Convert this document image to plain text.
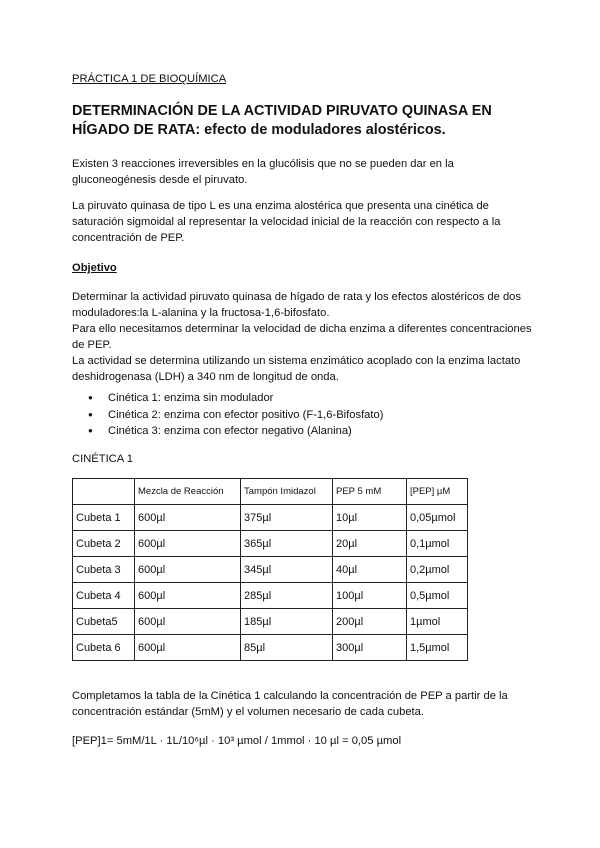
PRÁCTICA 1 DE BIOQUÍMICA
DETERMINACIÓN DE LA ACTIVIDAD PIRUVATO QUINASA EN HÍGADO DE RATA: efecto de moduladores alostéricos.
Existen 3 reacciones irreversibles en la glucólisis que no se pueden dar en la gluconeogénesis desde el piruvato.
La piruvato quinasa de tipo L es una enzima alostérica que presenta una cinética de saturación sigmoidal al representar la velocidad inicial de la reacción con respecto a la concentración de PEP.
Objetivo
Determinar la actividad piruvato quinasa de hígado de rata y los efectos alostéricos de dos moduladores:la L-alanina y la fructosa-1,6-bifosfato.
Para ello necesitamos determinar la velocidad de dicha enzima a diferentes concentraciones de PEP.
La actividad se determina utilizando un sistema enzimático acoplado con la enzima lactato deshidrogenasa (LDH) a 340 nm de longitud de onda.
● Cinética 1: enzima sin modulador
● Cinética 2: enzima con efector positivo (F-1,6-Bifosfato)
● Cinética 3: enzima con efector negativo (Alanina)
CINÉTICA 1
	Mezcla de Reacción	Tampón Imidazol	PEP 5 mM	[PEP] µM
Cubeta 1	600µl	375µl	10µl	0,05µmol
Cubeta 2	600µl	365µl	20µl	0,1µmol
Cubeta 3	600µl	345µl	40µl	0,2µmol
Cubeta 4	600µl	285µl	100µl	0,5µmol
Cubeta5	600µl	185µl	200µl	1µmol
Cubeta 6	600µl	85µl	300µl	1,5µmol
Completamos la tabla de la Cinética 1 calculando la concentración de PEP a partir de la concentración estándar (5mM) y el volumen necesario de cada cubeta.
[PEP]1= 5mM/1L · 1L/10⁶µl · 10³ µmol / 1mmol · 10 µl = 0,05 µmol
